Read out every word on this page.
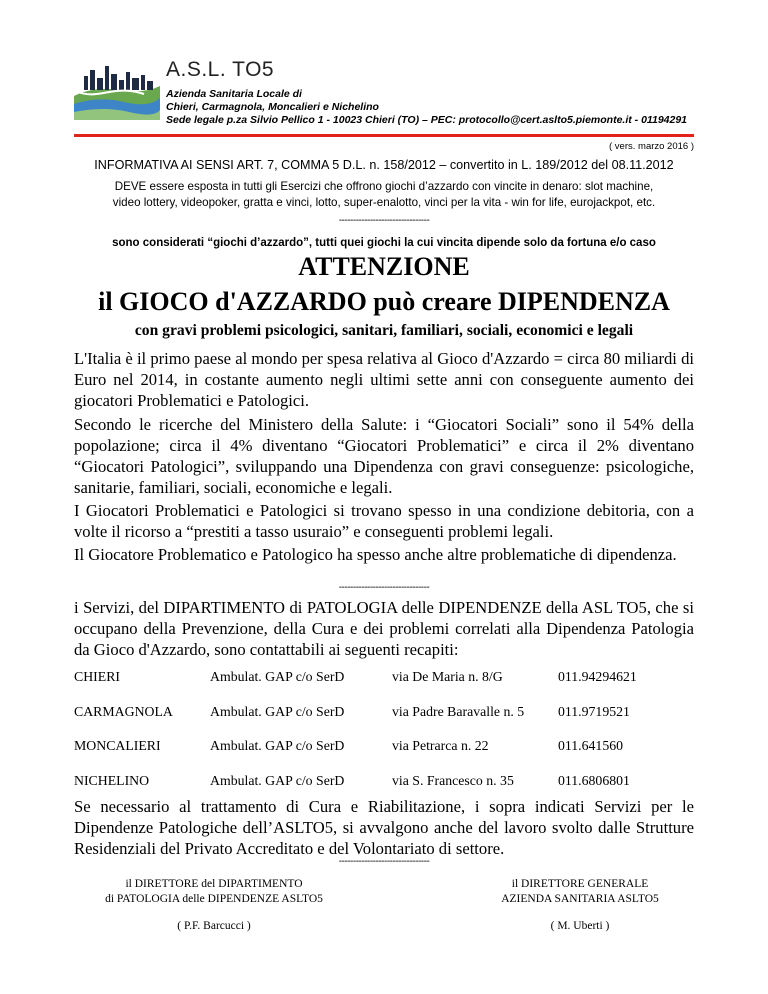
A.S.L. TO5
Azienda Sanitaria Locale di
Chieri, Carmagnola, Moncalieri e Nichelino
Sede legale p.za Silvio Pellico 1 - 10023 Chieri (TO) – PEC: protocollo@cert.aslto5.piemonte.it - 01194291
( vers. marzo 2016 )
INFORMATIVA AI SENSI ART. 7, COMMA 5 D.L. n. 158/2012 – convertito in L. 189/2012 del 08.11.2012
DEVE essere esposta in tutti gli Esercizi che offrono giochi d’azzardo con vincite in denaro: slot machine,
video lottery, videopoker, gratta e vinci, lotto, super-enalotto, vinci per la vita - win for life, eurojackpot, etc.
--------------------------------
sono considerati “giochi d’azzardo”, tutti quei giochi la cui vincita dipende solo da fortuna e/o caso
ATTENZIONE
il GIOCO d'AZZARDO può creare DIPENDENZA
con gravi problemi psicologici, sanitari, familiari, sociali, economici e legali
L'Italia è il primo paese al mondo per spesa relativa al Gioco d'Azzardo = circa 80 miliardi di Euro nel 2014, in costante aumento negli ultimi sette anni con conseguente aumento dei giocatori Problematici e Patologici.
Secondo le ricerche del Ministero della Salute: i “Giocatori Sociali” sono il 54% della popolazione; circa il 4% diventano “Giocatori Problematici” e circa il 2% diventano “Giocatori Patologici”, sviluppando una Dipendenza con gravi conseguenze: psicologiche, sanitarie, familiari, sociali, economiche e legali.
I Giocatori Problematici e Patologici si trovano spesso in una condizione debitoria, con a volte il ricorso a “prestiti a tasso usuraio” e conseguenti problemi legali.
Il Giocatore Problematico e Patologico ha spesso anche altre problematiche di dipendenza.
--------------------------------
i Servizi, del DIPARTIMENTO di PATOLOGIA delle DIPENDENZE della ASL TO5, che si occupano della Prevenzione, della Cura e dei problemi correlati alla Dipendenza Patologia da Gioco d'Azzardo, sono contattabili ai seguenti recapiti:
CHIERI	Ambulat. GAP c/o SerD	via De Maria n. 8/G	011.94294621
CARMAGNOLA	Ambulat. GAP c/o SerD	via Padre Baravalle n. 5	011.9719521
MONCALIERI	Ambulat. GAP c/o SerD	via Petrarca n. 22	011.641560
NICHELINO	Ambulat. GAP c/o SerD	via S. Francesco n. 35	011.6806801
Se necessario al trattamento di Cura e Riabilitazione, i sopra indicati Servizi per le Dipendenze Patologiche dell’ASLTO5, si avvalgono anche del lavoro svolto dalle Strutture Residenziali del Privato Accreditato e del Volontariato di settore.
--------------------------------
il DIRETTORE del DIPARTIMENTO
di PATOLOGIA delle DIPENDENZE ASLTO5
( P.F. Barcucci )
il DIRETTORE GENERALE
AZIENDA SANITARIA ASLTO5
( M. Uberti )
